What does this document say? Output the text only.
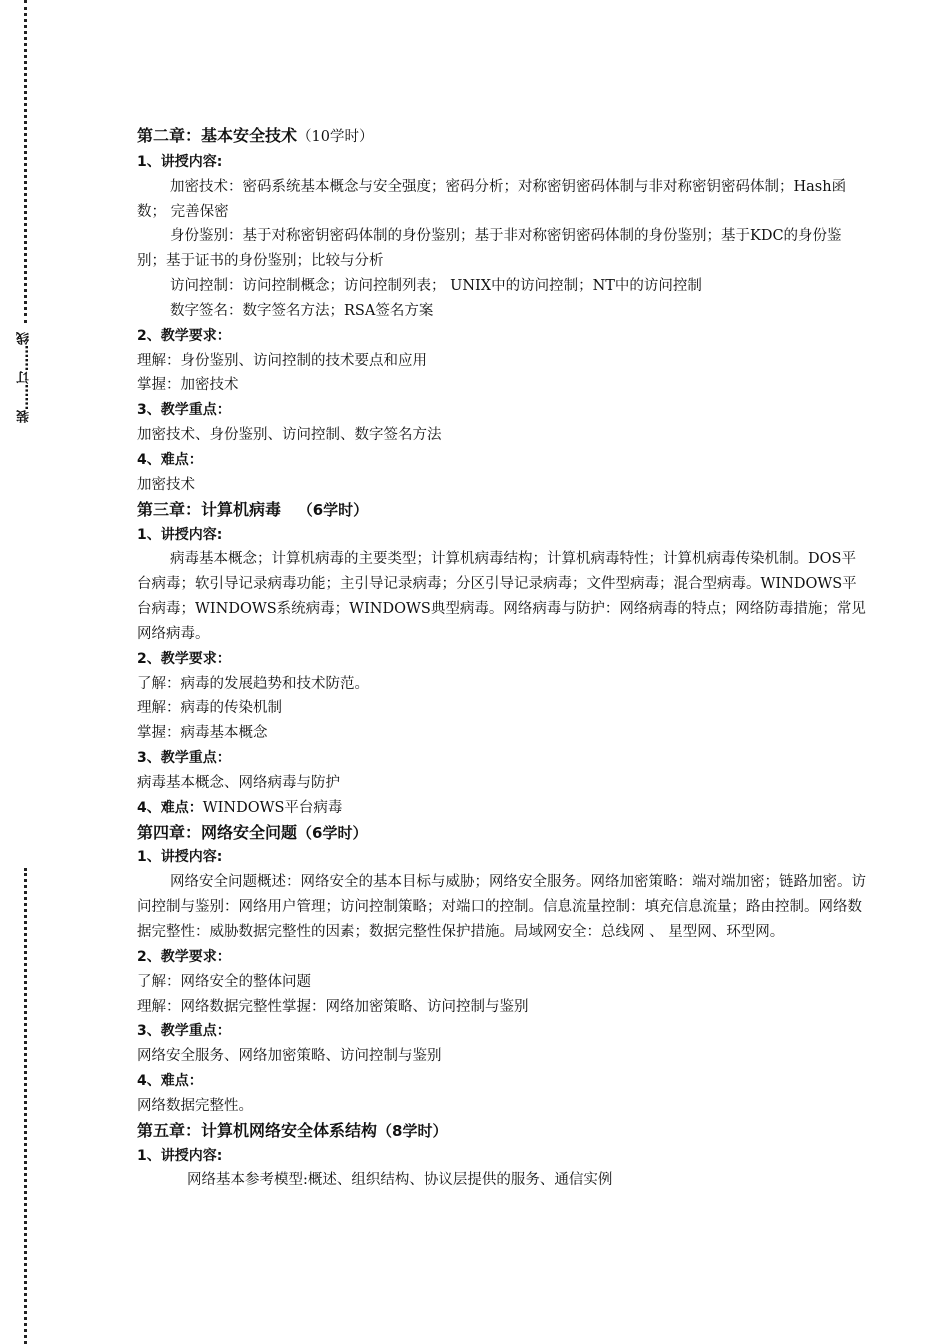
装……订……线

第二章：基本安全技术（10学时）

1、讲授内容:

加密技术：密码系统基本概念与安全强度；密码分析；对称密钥密码体制与非对称密钥密码体制；Hash函数； 完善保密

身份鉴别：基于对称密钥密码体制的身份鉴别；基于非对称密钥密码体制的身份鉴别；基于KDC的身份鉴别；基于证书的身份鉴别；比较与分析

访问控制：访问控制概念；访问控制列表； UNIX中的访问控制；NT中的访问控制

数字签名：数字签名方法；RSA签名方案

2、教学要求：

理解：身份鉴别、访问控制的技术要点和应用

掌握：加密技术

3、教学重点：

加密技术、身份鉴别、访问控制、数字签名方法

4、难点：

加密技术

第三章：计算机病毒 （6学时）

1、讲授内容:

病毒基本概念；计算机病毒的主要类型；计算机病毒结构；计算机病毒特性；计算机病毒传染机制。DOS平台病毒；软引导记录病毒功能；主引导记录病毒；分区引导记录病毒；文件型病毒；混合型病毒。WINDOWS平台病毒；WINDOWS系统病毒；WINDOWS典型病毒。网络病毒与防护：网络病毒的特点；网络防毒措施；常见网络病毒。

2、教学要求：

了解：病毒的发展趋势和技术防范。

理解：病毒的传染机制

掌握：病毒基本概念

3、教学重点：

病毒基本概念、网络病毒与防护

4、难点：WINDOWS平台病毒

第四章：网络安全问题（6学时）

1、讲授内容:

网络安全问题概述：网络安全的基本目标与威胁；网络安全服务。网络加密策略：端对端加密；链路加密。访问控制与鉴别：网络用户管理；访问控制策略；对端口的控制。信息流量控制：填充信息流量；路由控制。网络数据完整性：威胁数据完整性的因素；数据完整性保护措施。局域网安全：总线网 、 星型网、环型网。

2、教学要求：

了解：网络安全的整体问题

理解：网络数据完整性掌握：网络加密策略、访问控制与鉴别

3、教学重点：

网络安全服务、网络加密策略、访问控制与鉴别

4、难点：

网络数据完整性。

第五章：计算机网络安全体系结构（8学时）

1、讲授内容:

网络基本参考模型:概述、组织结构、协议层提供的服务、通信实例
